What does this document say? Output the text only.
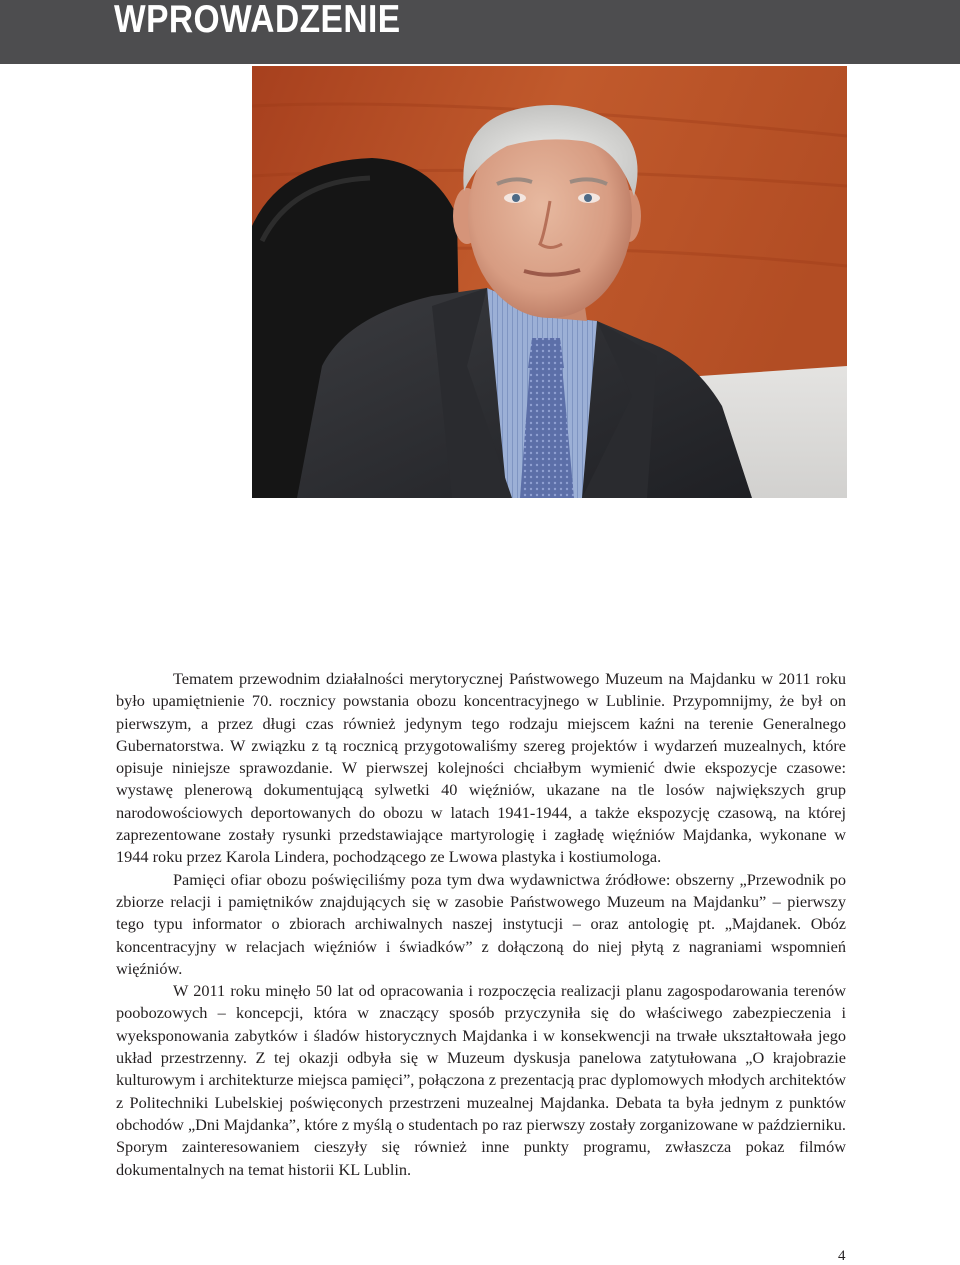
WPROWADZENIE

Tematem przewodnim działalności merytorycznej Państwowego Muzeum na Majdanku w 2011 roku było upamiętnienie 70. rocznicy powstania obozu koncentracyjnego w Lublinie. Przypomnijmy, że był on pierwszym, a przez długi czas również jedynym tego rodzaju miejscem kaźni na terenie Generalnego Gubernatorstwa. W związku z tą rocznicą przygotowaliśmy szereg projektów i wydarzeń muzealnych, które opisuje niniejsze sprawozdanie. W pierwszej kolejności chciałbym wymienić dwie ekspozycje czasowe: wystawę plenerową dokumentującą sylwetki 40 więźniów, ukazane na tle losów największych grup narodowościowych deportowanych do obozu w latach 1941-1944, a także ekspozycję czasową, na której zaprezentowane zostały rysunki przedstawiające martyrologię i zagładę więźniów Majdanka, wykonane w 1944 roku przez Karola Lindera, pochodzącego ze Lwowa plastyka i kostiumologa.

Pamięci ofiar obozu poświęciliśmy poza tym dwa wydawnictwa źródłowe: obszerny „Przewodnik po zbiorze relacji i pamiętników znajdujących się w zasobie Państwowego Muzeum na Majdanku” – pierwszy tego typu informator o zbiorach archiwalnych naszej instytucji – oraz antologię pt. „Majdanek. Obóz koncentracyjny w relacjach więźniów i świadków” z dołączoną do niej płytą z nagraniami wspomnień więźniów.

W 2011 roku minęło 50 lat od opracowania i rozpoczęcia realizacji planu zagospodarowania terenów poobozowych – koncepcji, która w znaczący sposób przyczyniła się do właściwego zabezpieczenia i wyeksponowania zabytków i śladów historycznych Majdanka i w konsekwencji na trwałe ukształtowała jego układ przestrzenny. Z tej okazji odbyła się w Muzeum dyskusja panelowa zatytułowana „O krajobrazie kulturowym i architekturze miejsca pamięci”, połączona z prezentacją prac dyplomowych młodych architektów z Politechniki Lubelskiej poświęconych przestrzeni muzealnej Majdanka. Debata ta była jednym z punktów obchodów „Dni Majdanka”, które z myślą o studentach po raz pierwszy zostały zorganizowane w październiku. Sporym zainteresowaniem cieszyły się również inne punkty programu, zwłaszcza pokaz filmów dokumentalnych na temat historii KL Lublin.

4
